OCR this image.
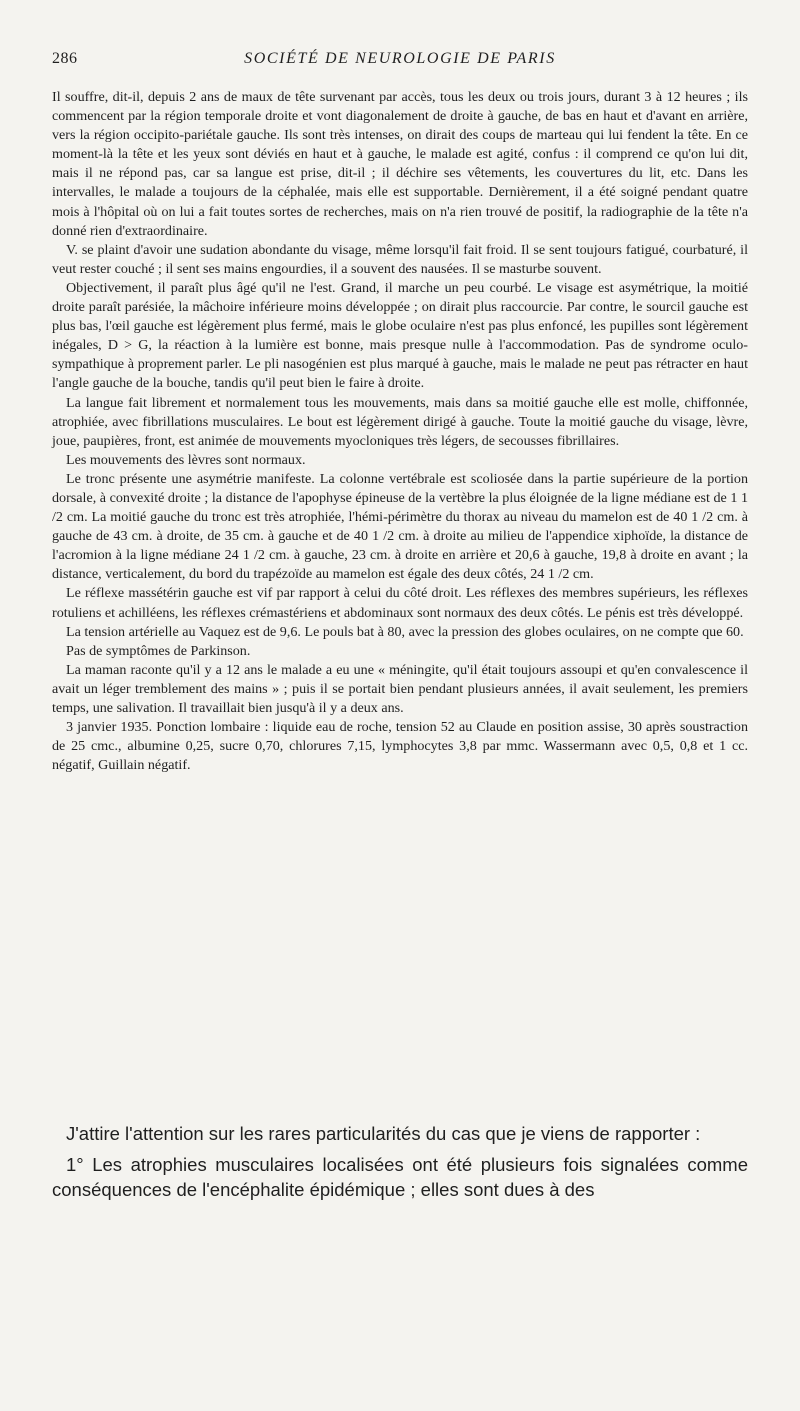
286	SOCIÉTÉ DE NEUROLOGIE DE PARIS

Il souffre, dit-il, depuis 2 ans de maux de tête survenant par accès, tous les deux ou trois jours, durant 3 à 12 heures ; ils commencent par la région temporale droite et vont diagonalement de droite à gauche, de bas en haut et d'avant en arrière, vers la région occipito-pariétale gauche. Ils sont très intenses, on dirait des coups de marteau qui lui fendent la tête. En ce moment-là la tête et les yeux sont déviés en haut et à gauche, le malade est agité, confus : il comprend ce qu'on lui dit, mais il ne répond pas, car sa langue est prise, dit-il ; il déchire ses vêtements, les couvertures du lit, etc. Dans les intervalles, le malade a toujours de la céphalée, mais elle est supportable. Dernièrement, il a été soigné pendant quatre mois à l'hôpital où on lui a fait toutes sortes de recherches, mais on n'a rien trouvé de positif, la radiographie de la tête n'a donné rien d'extraordinaire.

V. se plaint d'avoir une sudation abondante du visage, même lorsqu'il fait froid. Il se sent toujours fatigué, courbaturé, il veut rester couché ; il sent ses mains engourdies, il a souvent des nausées. Il se masturbe souvent.

Objectivement, il paraît plus âgé qu'il ne l'est. Grand, il marche un peu courbé. Le visage est asymétrique, la moitié droite paraît parésiée, la mâchoire inférieure moins développée ; on dirait plus raccourcie. Par contre, le sourcil gauche est plus bas, l'œil gauche est légèrement plus fermé, mais le globe oculaire n'est pas plus enfoncé, les pupilles sont légèrement inégales, D > G, la réaction à la lumière est bonne, mais presque nulle à l'accommodation. Pas de syndrome oculo-sympathique à proprement parler. Le pli nasogénien est plus marqué à gauche, mais le malade ne peut pas rétracter en haut l'angle gauche de la bouche, tandis qu'il peut bien le faire à droite.

La langue fait librement et normalement tous les mouvements, mais dans sa moitié gauche elle est molle, chiffonnée, atrophiée, avec fibrillations musculaires. Le bout est légèrement dirigé à gauche. Toute la moitié gauche du visage, lèvre, joue, paupières, front, est animée de mouvements myocloniques très légers, de secousses fibrillaires.

Les mouvements des lèvres sont normaux.

Le tronc présente une asymétrie manifeste. La colonne vertébrale est scoliosée dans la partie supérieure de la portion dorsale, à convexité droite ; la distance de l'apophyse épineuse de la vertèbre la plus éloignée de la ligne médiane est de 1 1 /2 cm. La moitié gauche du tronc est très atrophiée, l'hémi-périmètre du thorax au niveau du mamelon est de 40 1 /2 cm. à gauche de 43 cm. à droite, de 35 cm. à gauche et de 40 1 /2 cm. à droite au milieu de l'appendice xiphoïde, la distance de l'acromion à la ligne médiane 24 1 /2 cm. à gauche, 23 cm. à droite en arrière et 20,6 à gauche, 19,8 à droite en avant ; la distance, verticalement, du bord du trapézoïde au mamelon est égale des deux côtés, 24 1 /2 cm.

Le réflexe massétérin gauche est vif par rapport à celui du côté droit. Les réflexes des membres supérieurs, les réflexes rotuliens et achilléens, les réflexes crémastériens et abdominaux sont normaux des deux côtés. Le pénis est très développé.

La tension artérielle au Vaquez est de 9,6. Le pouls bat à 80, avec la pression des globes oculaires, on ne compte que 60.

Pas de symptômes de Parkinson.

La maman raconte qu'il y a 12 ans le malade a eu une « méningite, qu'il était toujours assoupi et qu'en convalescence il avait un léger tremblement des mains » ; puis il se portait bien pendant plusieurs années, il avait seulement, les premiers temps, une salivation. Il travaillait bien jusqu'à il y a deux ans.

3 janvier 1935. Ponction lombaire : liquide eau de roche, tension 52 au Claude en position assise, 30 après soustraction de 25 cmc., albumine 0,25, sucre 0,70, chlorures 7,15, lymphocytes 3,8 par mmc. Wassermann avec 0,5, 0,8 et 1 cc. négatif, Guillain négatif.

J'attire l'attention sur les rares particularités du cas que je viens de rapporter :

1° Les atrophies musculaires localisées ont été plusieurs fois signalées comme conséquences de l'encéphalite épidémique ; elles sont dues à des
